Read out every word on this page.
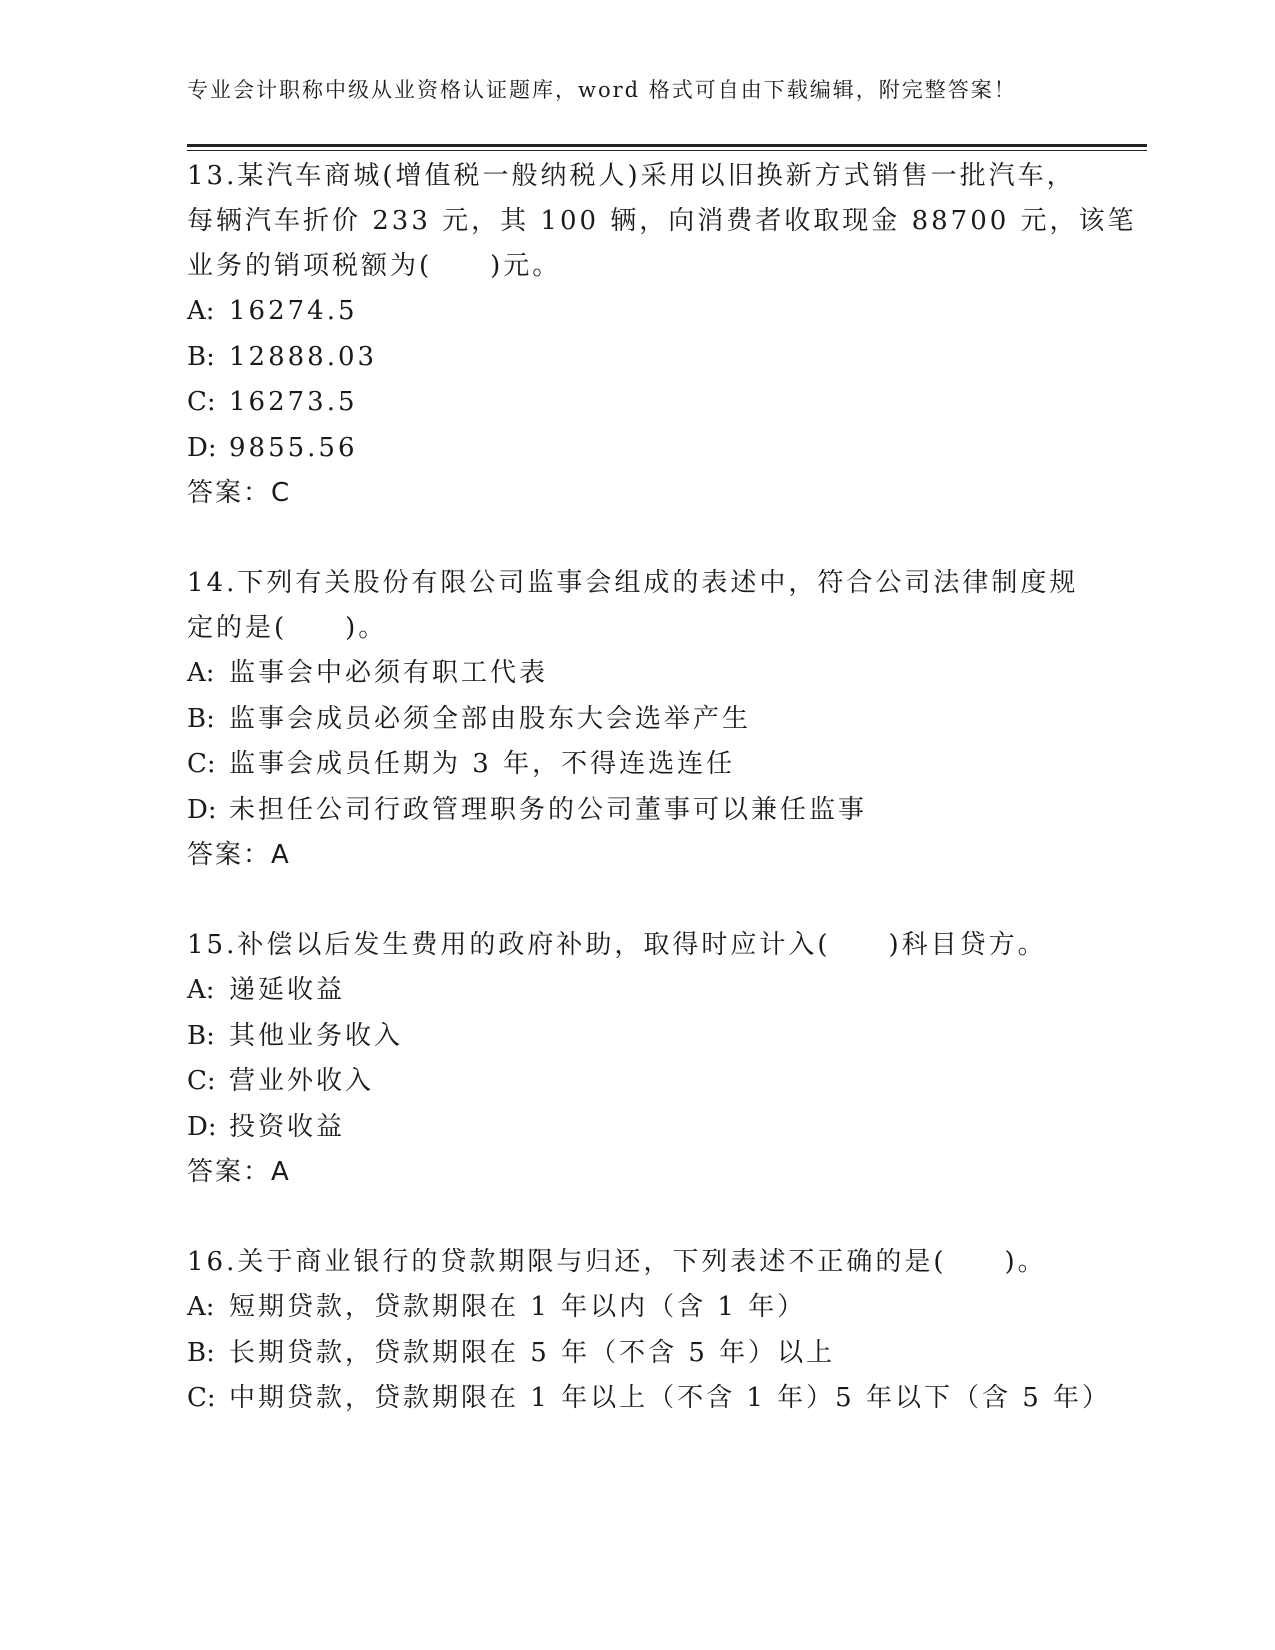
专业会计职称中级从业资格认证题库，word 格式可自由下载编辑，附完整答案！
13.某汽车商城(增值税一般纳税人)采用以旧换新方式销售一批汽车，
每辆汽车折价 233 元，其 100 辆，向消费者收取现金 88700 元，该笔
业务的销项税额为(　　)元。
A: 16274.5
B: 12888.03
C: 16273.5
D: 9855.56
答案：C
14.下列有关股份有限公司监事会组成的表述中，符合公司法律制度规
定的是(　　)。
A: 监事会中必须有职工代表
B: 监事会成员必须全部由股东大会选举产生
C: 监事会成员任期为 3 年，不得连选连任
D: 未担任公司行政管理职务的公司董事可以兼任监事
答案：A
15.补偿以后发生费用的政府补助，取得时应计入(　　)科目贷方。
A: 递延收益
B: 其他业务收入
C: 营业外收入
D: 投资收益
答案：A
16.关于商业银行的贷款期限与归还，下列表述不正确的是(　　)。
A: 短期贷款，贷款期限在 1 年以内（含 1 年）
B: 长期贷款，贷款期限在 5 年（不含 5 年）以上
C: 中期贷款，贷款期限在 1 年以上（不含 1 年）5 年以下（含 5 年）
